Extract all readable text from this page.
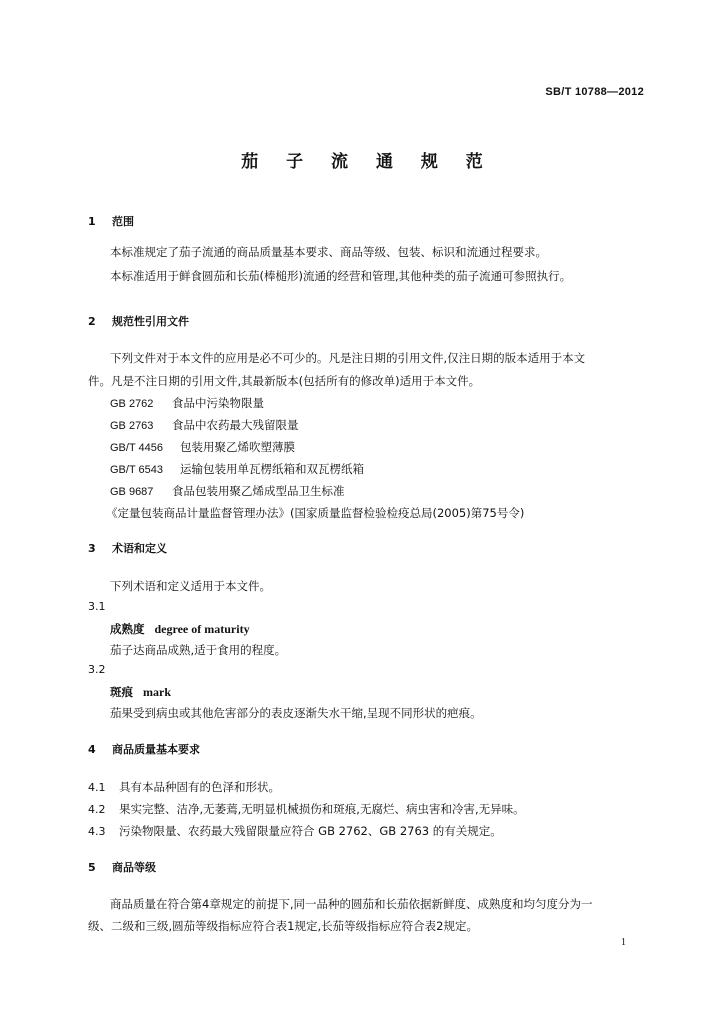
SB/T 10788—2012
茄 子 流 通 规 范
1 范围
本标准规定了茄子流通的商品质量基本要求、商品等级、包装、标识和流通过程要求。
本标准适用于鲜食圆茄和长茄(棒槌形)流通的经营和管理,其他种类的茄子流通可参照执行。
2 规范性引用文件
下列文件对于本文件的应用是必不可少的。凡是注日期的引用文件,仅注日期的版本适用于本文
件。凡是不注日期的引用文件,其最新版本(包括所有的修改单)适用于本文件。
GB 2762 食品中污染物限量
GB 2763 食品中农药最大残留限量
GB/T 4456 包装用聚乙烯吹塑薄膜
GB/T 6543 运输包装用单瓦楞纸箱和双瓦楞纸箱
GB 9687 食品包装用聚乙烯成型品卫生标准
《定量包装商品计量监督管理办法》(国家质量监督检验检疫总局(2005)第75号令)
3 术语和定义
下列术语和定义适用于本文件。
3.1
成熟度 degree of maturity
茄子达商品成熟,适于食用的程度。
3.2
斑痕 mark
茄果受到病虫或其他危害部分的表皮逐渐失水干缩,呈现不同形状的疤痕。
4 商品质量基本要求
4.1 具有本品种固有的色泽和形状。
4.2 果实完整、洁净,无萎蔫,无明显机械损伤和斑痕,无腐烂、病虫害和冷害,无异味。
4.3 污染物限量、农药最大残留限量应符合 GB 2762、GB 2763 的有关规定。
5 商品等级
商品质量在符合第4章规定的前提下,同一品种的圆茄和长茄依据新鲜度、成熟度和均匀度分为一
级、二级和三级,圆茄等级指标应符合表1规定,长茄等级指标应符合表2规定。
1
